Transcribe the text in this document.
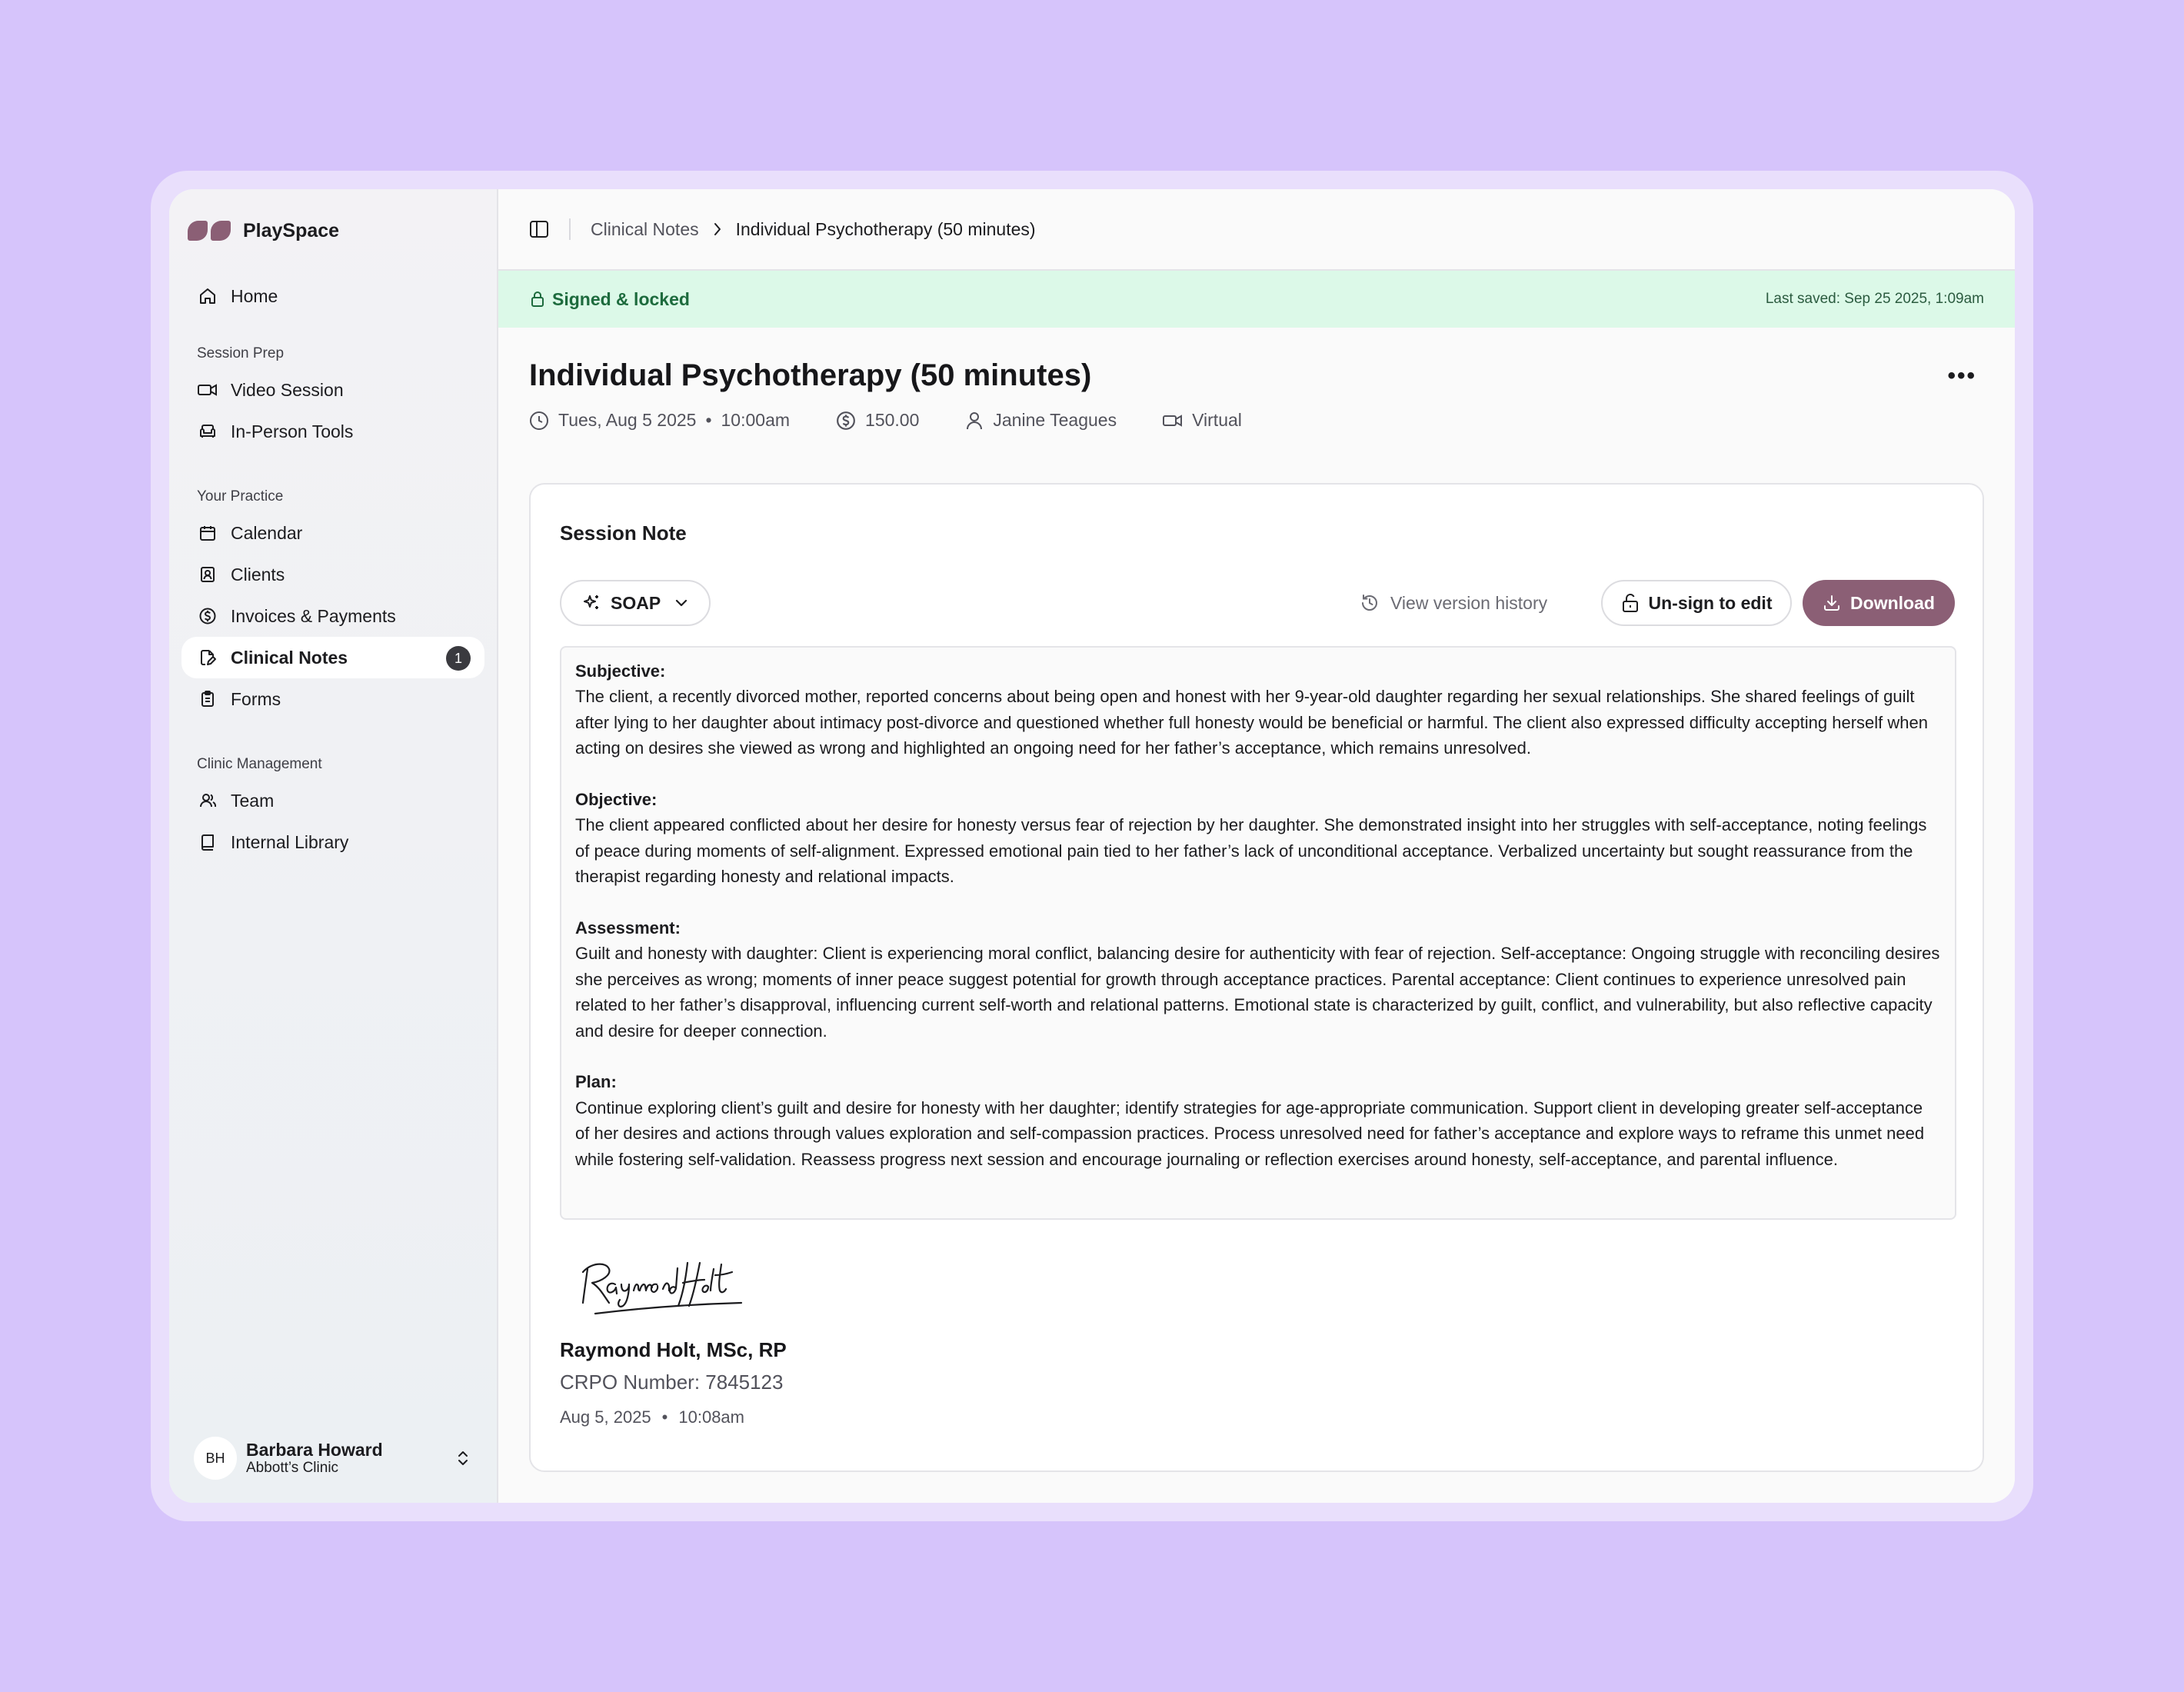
PlaySpace
Home
Session Prep
Video Session
In-Person Tools
Your Practice
Calendar
Clients
Invoices & Payments
Clinical Notes	1
Forms
Clinic Management
Team
Internal Library
BH	Barbara Howard
Abbott’s Clinic
Clinical Notes Individual Psychotherapy (50 minutes)
Signed & locked	Last saved: Sep 25 2025, 1:09am
Individual Psychotherapy (50 minutes)	•••
Tues, Aug 5 2025 • 10:00am	150.00	Janine Teagues	Virtual
Session Note
SOAP	View version history	Un-sign to edit	Download
Subjective:
The client, a recently divorced mother, reported concerns about being open and honest with her 9-year-old daughter regarding her sexual relationships. She shared feelings of guilt after lying to her daughter about intimacy post-divorce and questioned whether full honesty would be beneficial or harmful. The client also expressed difficulty accepting herself when acting on desires she viewed as wrong and highlighted an ongoing need for her father’s acceptance, which remains unresolved.
Objective:
The client appeared conflicted about her desire for honesty versus fear of rejection by her daughter. She demonstrated insight into her struggles with self-acceptance, noting feelings of peace during moments of self-alignment. Expressed emotional pain tied to her father’s lack of unconditional acceptance. Verbalized uncertainty but sought reassurance from the therapist regarding honesty and relational impacts.
Assessment:
Guilt and honesty with daughter: Client is experiencing moral conflict, balancing desire for authenticity with fear of rejection. Self-acceptance: Ongoing struggle with reconciling desires she perceives as wrong; moments of inner peace suggest potential for growth through acceptance practices. Parental acceptance: Client continues to experience unresolved pain related to her father’s disapproval, influencing current self-worth and relational patterns. Emotional state is characterized by guilt, conflict, and vulnerability, but also reflective capacity and desire for deeper connection.
Plan:
Continue exploring client’s guilt and desire for honesty with her daughter; identify strategies for age-appropriate communication. Support client in developing greater self-acceptance of her desires and actions through values exploration and self-compassion practices. Process unresolved need for father’s acceptance and explore ways to reframe this unmet need while fostering self-validation. Reassess progress next session and encourage journaling or reflection exercises around honesty, self-acceptance, and parental influence.
Raymond Holt, MSc, RP
CRPO Number: 7845123
Aug 5, 2025 • 10:08am
